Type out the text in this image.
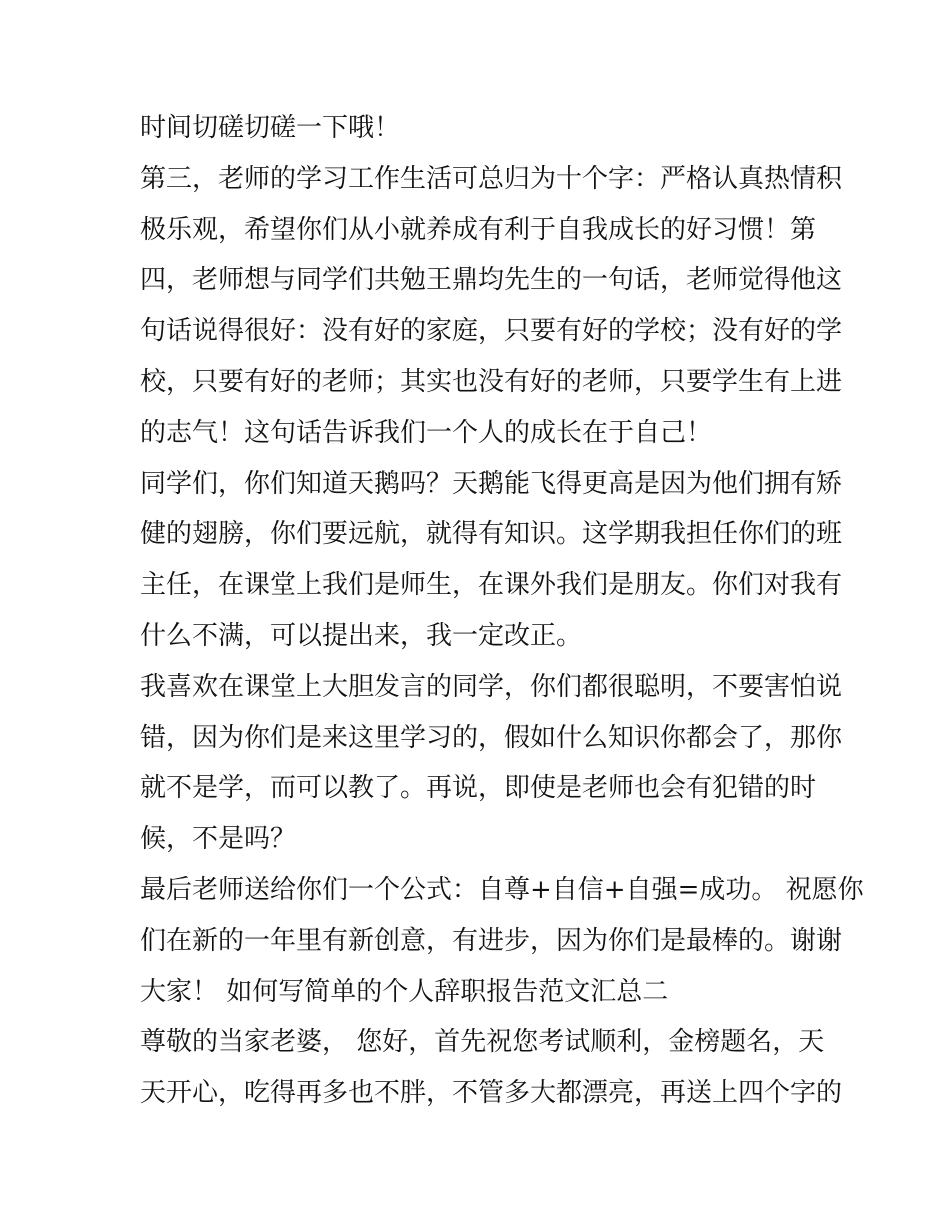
时间切磋切磋一下哦！
第三，老师的学习工作生活可总归为十个字：严格认真热情积
极乐观，希望你们从小就养成有利于自我成长的好习惯！第
四，老师想与同学们共勉王鼎均先生的一句话，老师觉得他这
句话说得很好：没有好的家庭，只要有好的学校；没有好的学
校，只要有好的老师；其实也没有好的老师，只要学生有上进
的志气！这句话告诉我们一个人的成长在于自己！
同学们，你们知道天鹅吗？天鹅能飞得更高是因为他们拥有矫
健的翅膀，你们要远航，就得有知识。这学期我担任你们的班
主任，在课堂上我们是师生，在课外我们是朋友。你们对我有
什么不满，可以提出来，我一定改正。
我喜欢在课堂上大胆发言的同学，你们都很聪明，不要害怕说
错，因为你们是来这里学习的，假如什么知识你都会了，那你
就不是学，而可以教了。再说，即使是老师也会有犯错的时
候，不是吗？
最后老师送给你们一个公式：自尊+自信+自强=成功。 祝愿你
们在新的一年里有新创意，有进步，因为你们是最棒的。谢谢
大家！ 如何写简单的个人辞职报告范文汇总二
尊敬的当家老婆， 您好，首先祝您考试顺利，金榜题名，天
天开心，吃得再多也不胖，不管多大都漂亮，再送上四个字的
